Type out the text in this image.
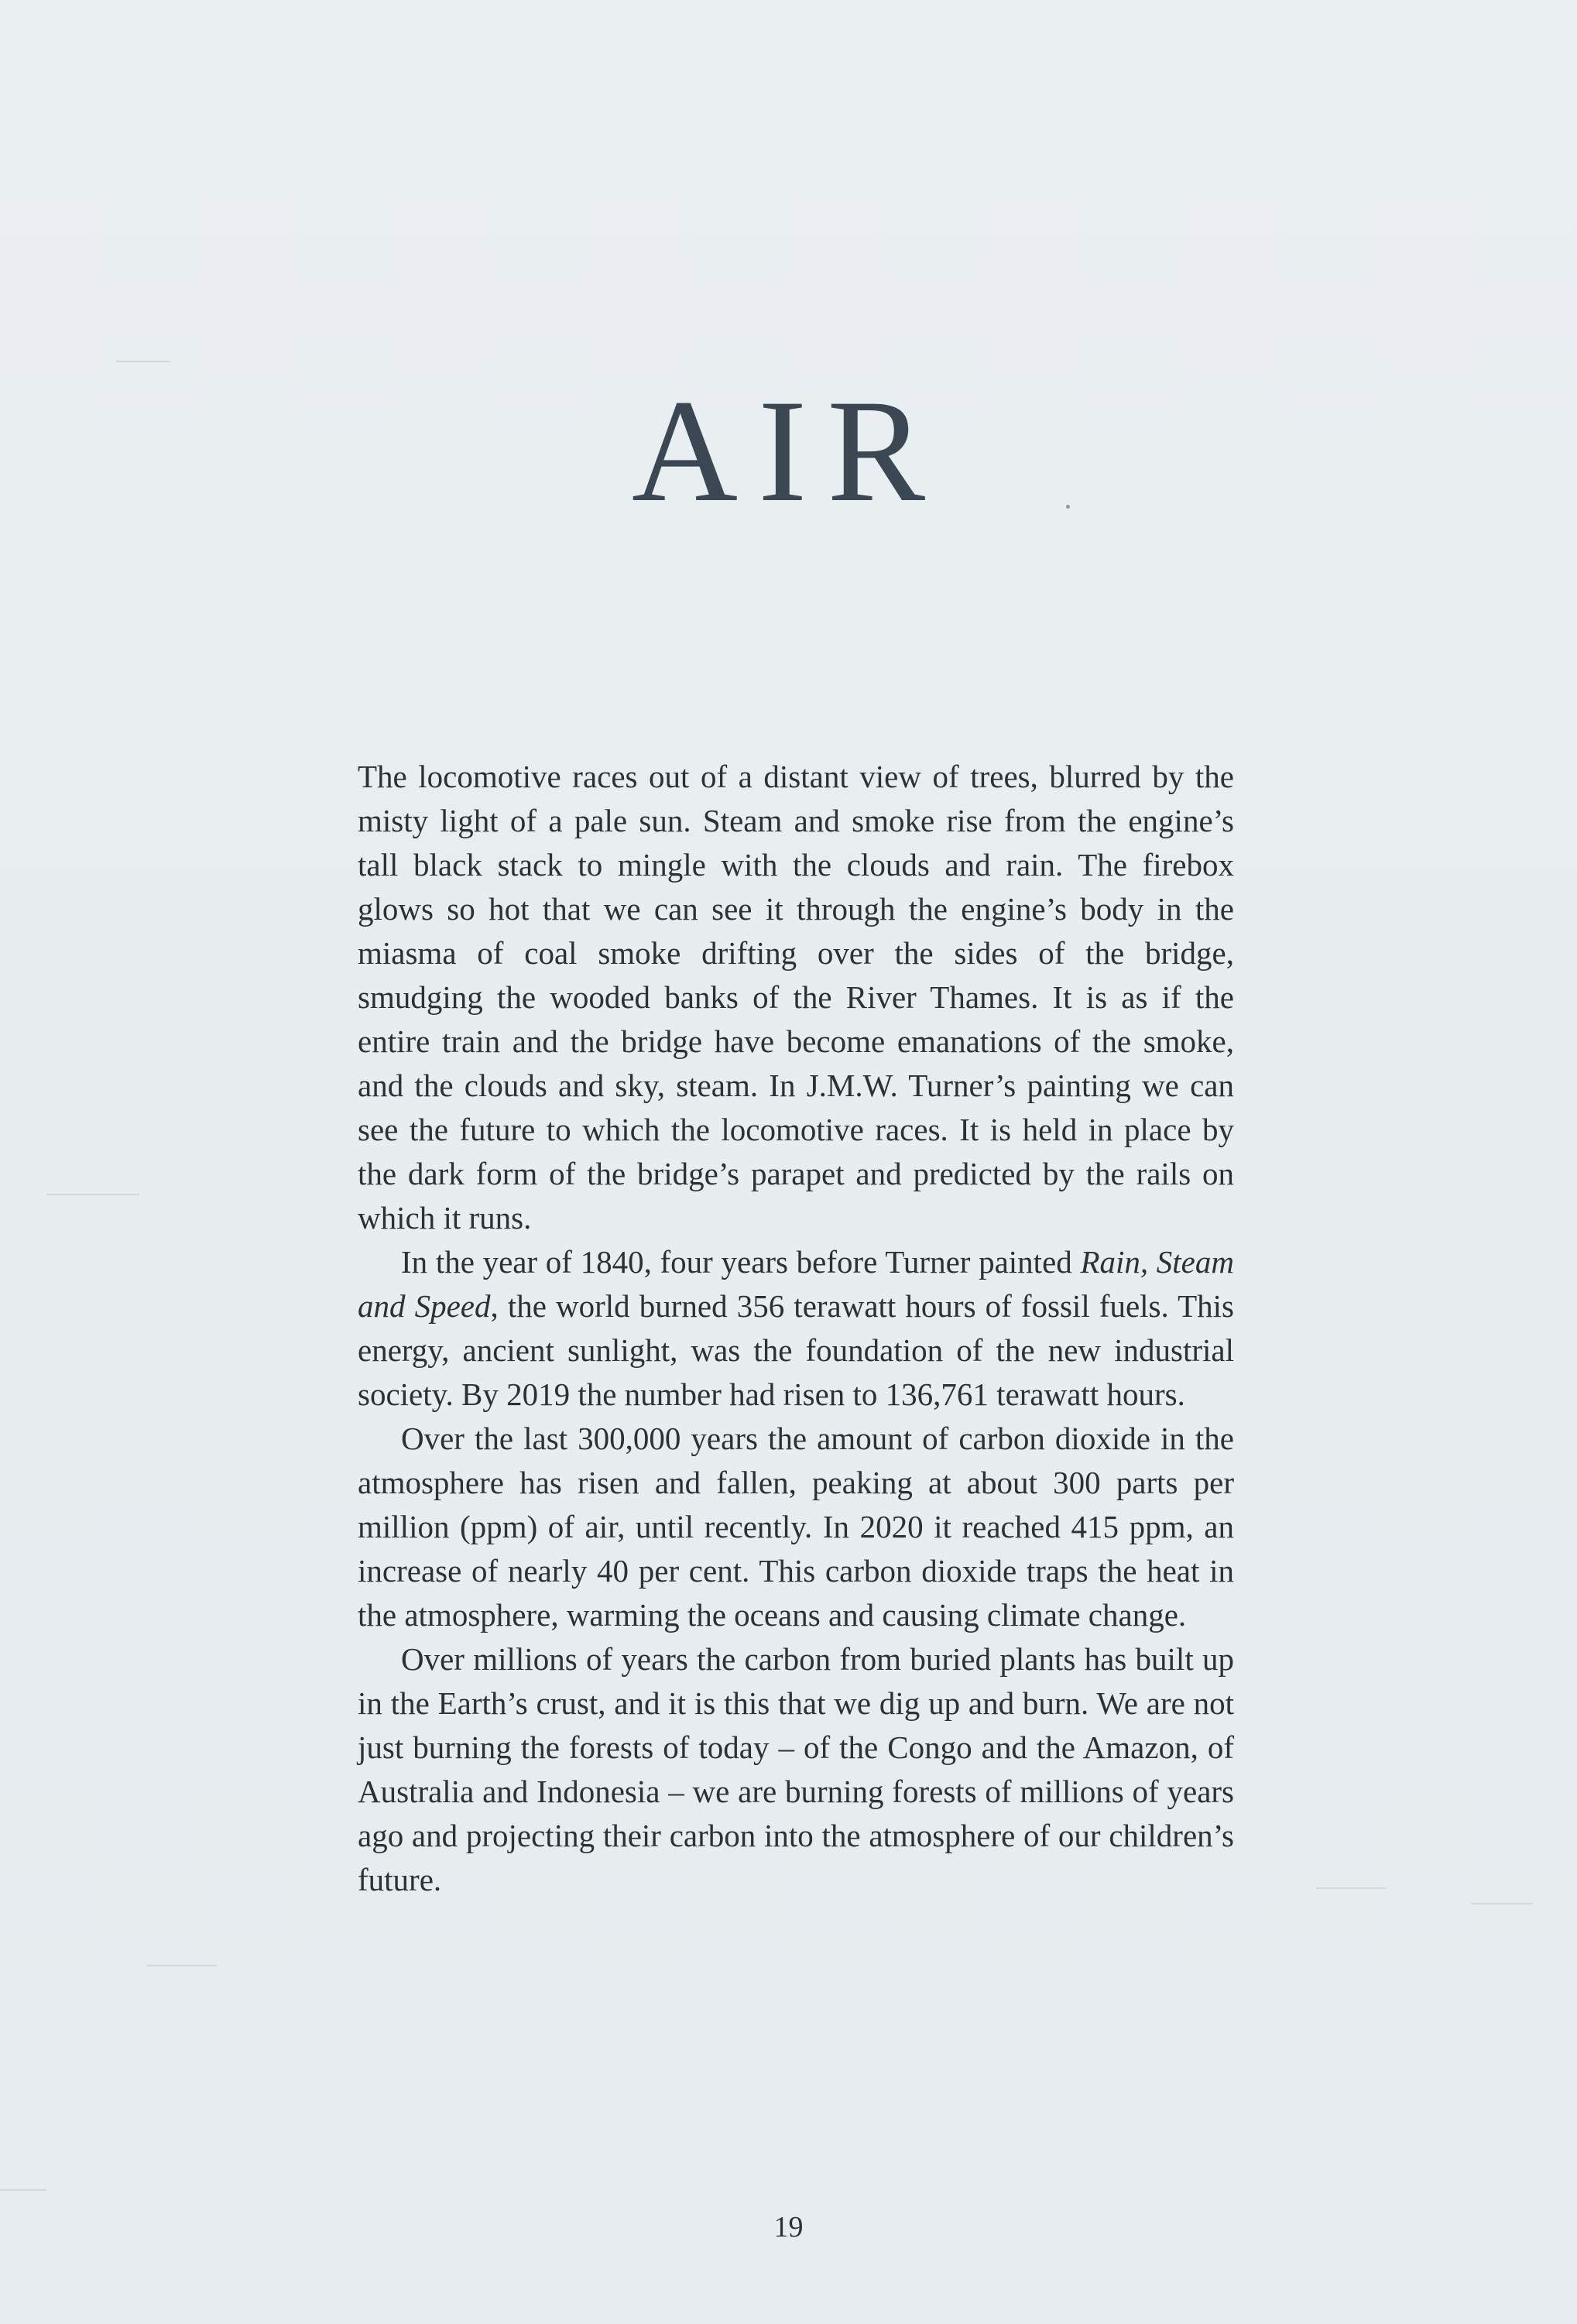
AIR

The locomotive races out of a distant view of trees, blurred by the misty light of a pale sun. Steam and smoke rise from the engine’s tall black stack to mingle with the clouds and rain. The firebox glows so hot that we can see it through the engine’s body in the miasma of coal smoke drifting over the sides of the bridge, smudging the wooded banks of the River Thames. It is as if the entire train and the bridge have become emanations of the smoke, and the clouds and sky, steam. In J.M.W. Turner’s painting we can see the future to which the locomotive races. It is held in place by the dark form of the bridge’s parapet and predicted by the rails on which it runs.

In the year of 1840, four years before Turner painted Rain, Steam and Speed, the world burned 356 terawatt hours of fossil fuels. This energy, ancient sunlight, was the foundation of the new industrial society. By 2019 the number had risen to 136,761 terawatt hours.

Over the last 300,000 years the amount of carbon dioxide in the atmosphere has risen and fallen, peaking at about 300 parts per million (ppm) of air, until recently. In 2020 it reached 415 ppm, an increase of nearly 40 per cent. This carbon dioxide traps the heat in the atmosphere, warming the oceans and causing climate change.

Over millions of years the carbon from buried plants has built up in the Earth’s crust, and it is this that we dig up and burn. We are not just burning the forests of today – of the Congo and the Amazon, of Australia and Indonesia – we are burning forests of millions of years ago and projecting their carbon into the atmosphere of our children’s future.

19
